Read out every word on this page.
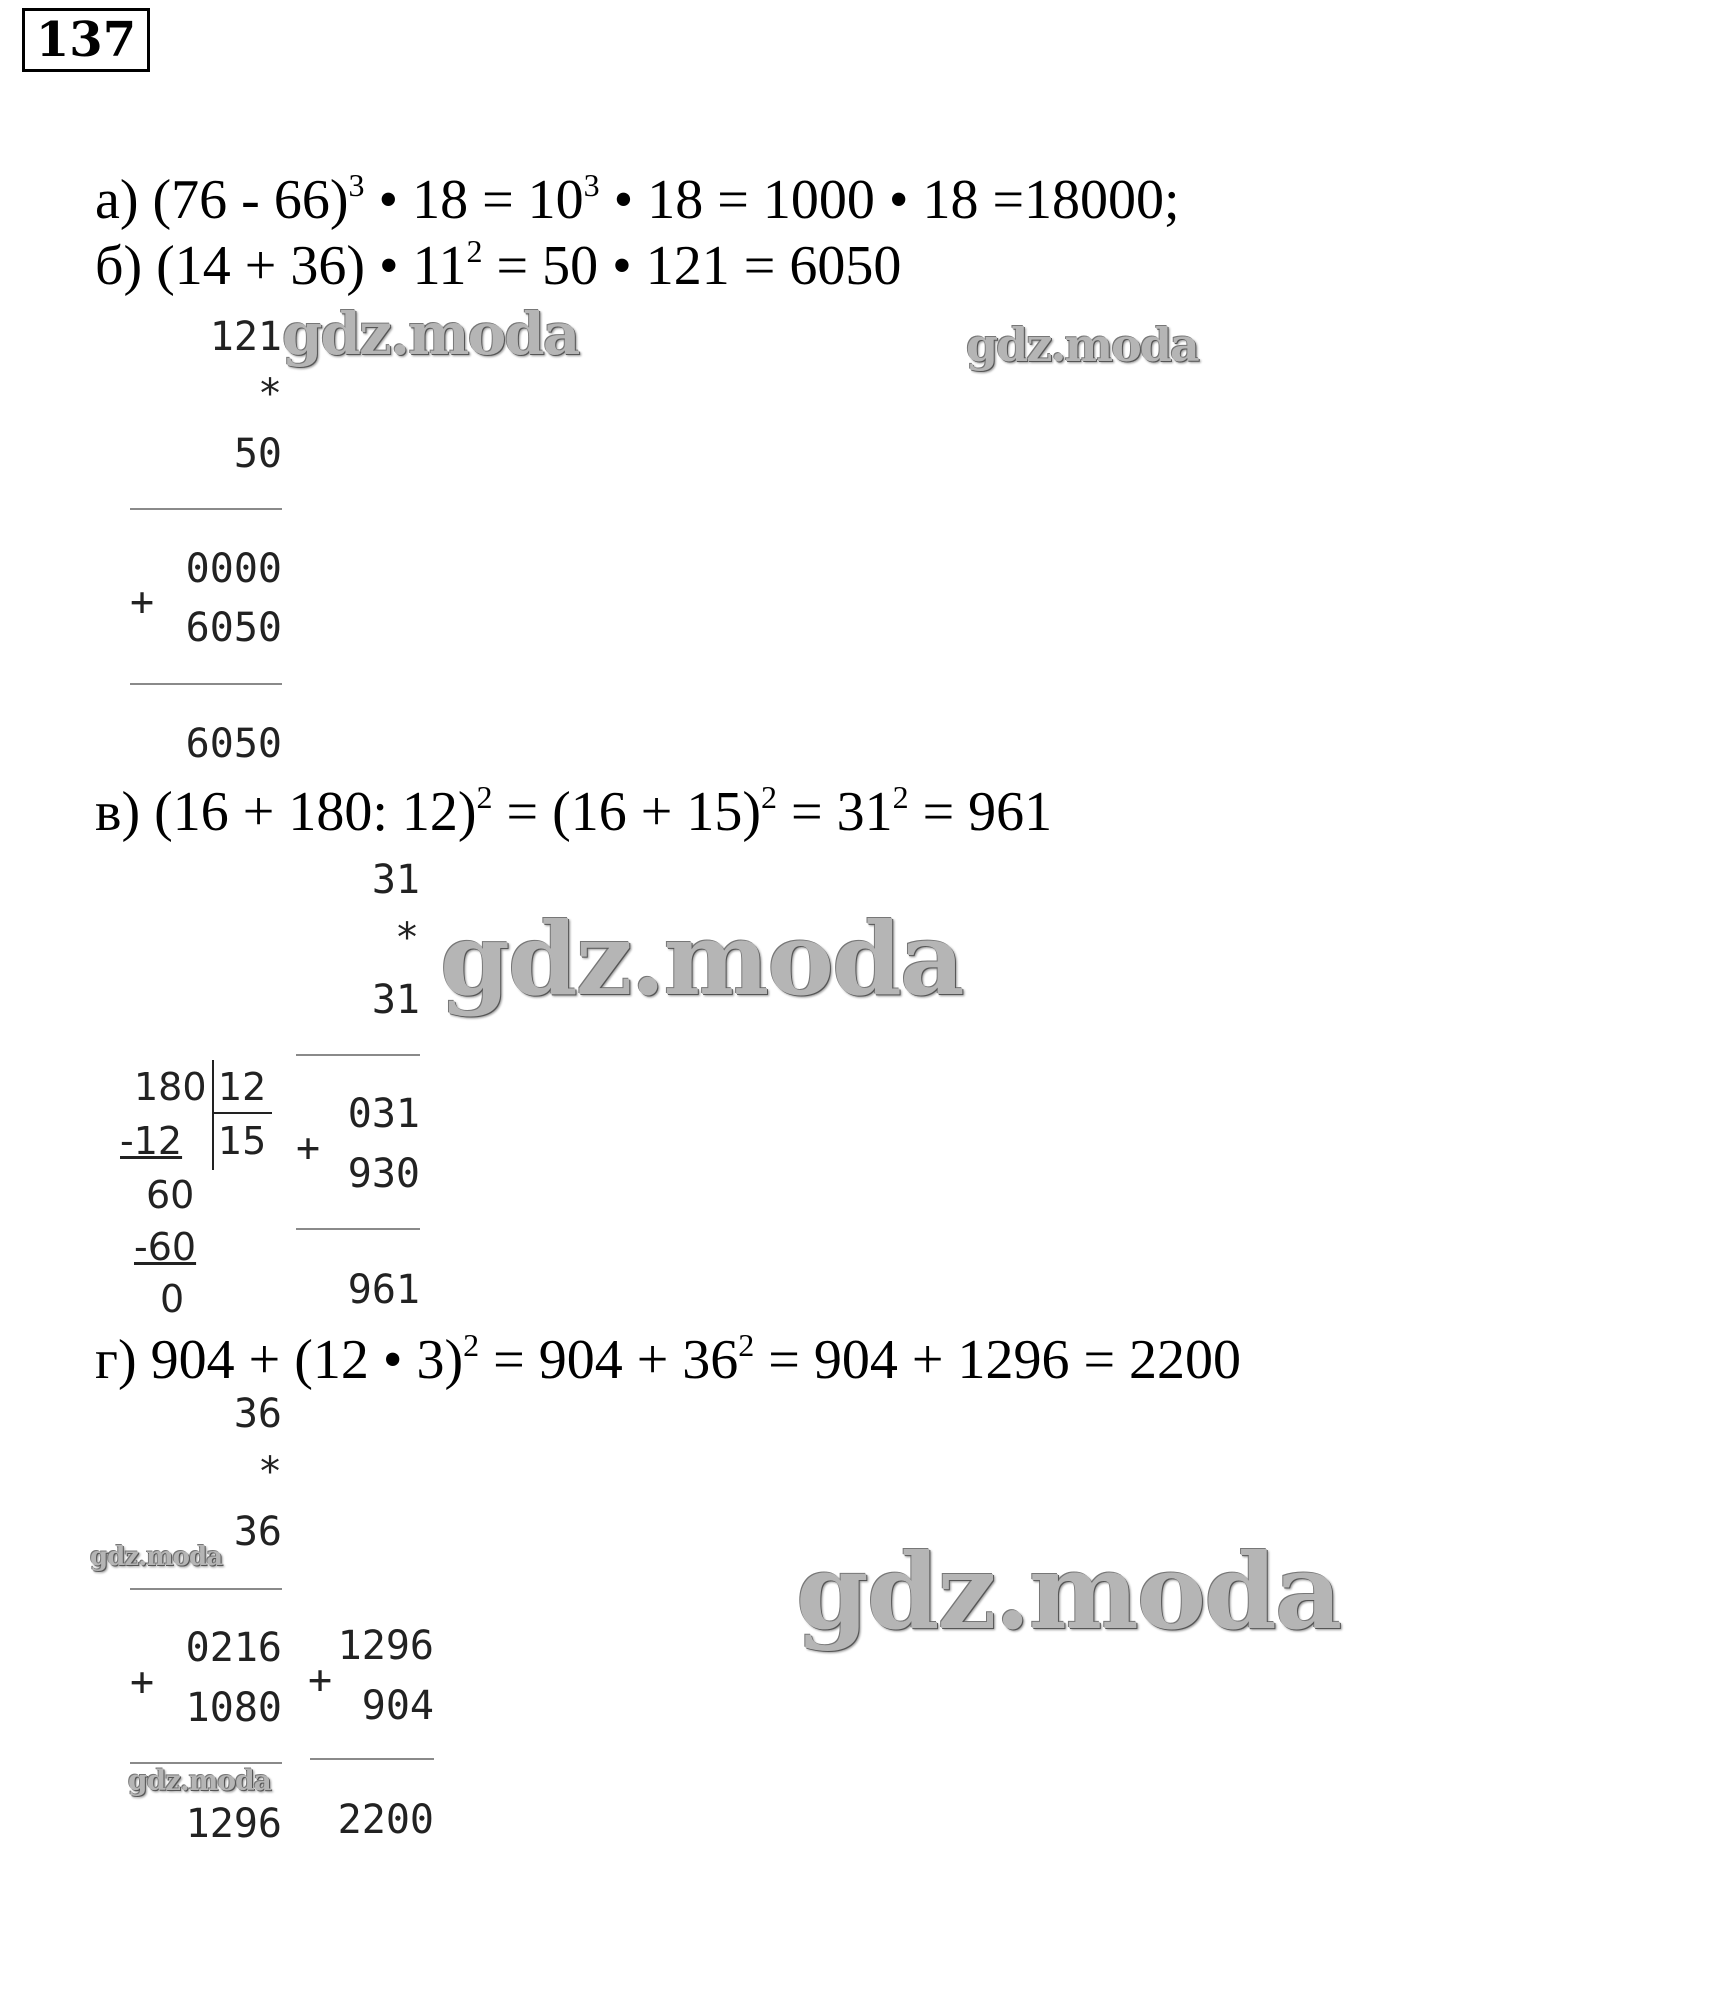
137
а) (76 - 66)$^3$ • $18 = 10^3$ • 18 = 1000 • 18 =18000;
б) (14 + 36) • $11^2 = 50$ • 121 = 6050
121
*
50
0000
+
6050
6050
в) (16 + 180: $12)^2 = (16 + 15)^2 = 31^2 = 961$
31
*
31
031
+
930
961
180 12
-12 15
60
-60
0
г) 904 + (12 • $3)^2 = 904 + 36^2 = 904 + 1296 = 2200$
36
*
36
0216
+
1080
1296
1296
+
904
2200
gdz.moda	gdz.moda
gdz.moda
gdz.moda	gdz.moda
gdz.moda
